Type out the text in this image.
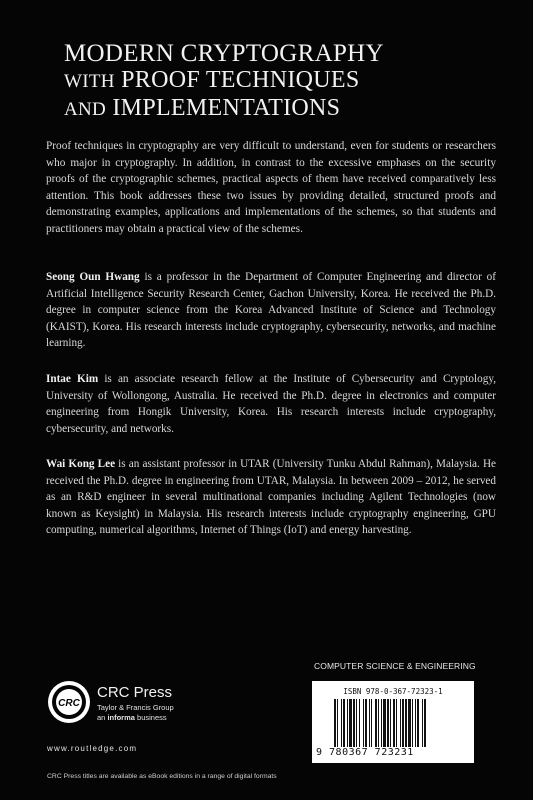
MODERN CRYPTOGRAPHY
WITH PROOF TECHNIQUES
AND IMPLEMENTATIONS

Proof techniques in cryptography are very difficult to understand, even for students or researchers who major in cryptography. In addition, in contrast to the excessive emphases on the security proofs of the cryptographic schemes, practical aspects of them have received comparatively less attention. This book addresses these two issues by providing detailed, structured proofs and demonstrating examples, applications and implementations of the schemes, so that students and practitioners may obtain a practical view of the schemes.

Seong Oun Hwang is a professor in the Department of Computer Engineering and director of Artificial Intelligence Security Research Center, Gachon University, Korea. He received the Ph.D. degree in computer science from the Korea Advanced Institute of Science and Technology (KAIST), Korea. His research interests include cryptography, cybersecurity, networks, and machine learning.

Intae Kim is an associate research fellow at the Institute of Cybersecurity and Cryptology, University of Wollongong, Australia. He received the Ph.D. degree in electronics and computer engineering from Hongik University, Korea. His research interests include cryptography, cybersecurity, and networks.

Wai Kong Lee is an assistant professor in UTAR (University Tunku Abdul Rahman), Malaysia. He received the Ph.D. degree in engineering from UTAR, Malaysia. In between 2009 – 2012, he served as an R&D engineer in several multinational companies including Agilent Technologies (now known as Keysight) in Malaysia. His research interests include cryptography engineering, GPU computing, numerical algorithms, Internet of Things (IoT) and energy harvesting.

COMPUTER SCIENCE & ENGINEERING
ISBN 978-0-367-72323-1
9 780367 723231
CRC
CRC Press
Taylor & Francis Group
an informa business
www.routledge.com
CRC Press titles are available as eBook editions in a range of digital formats
